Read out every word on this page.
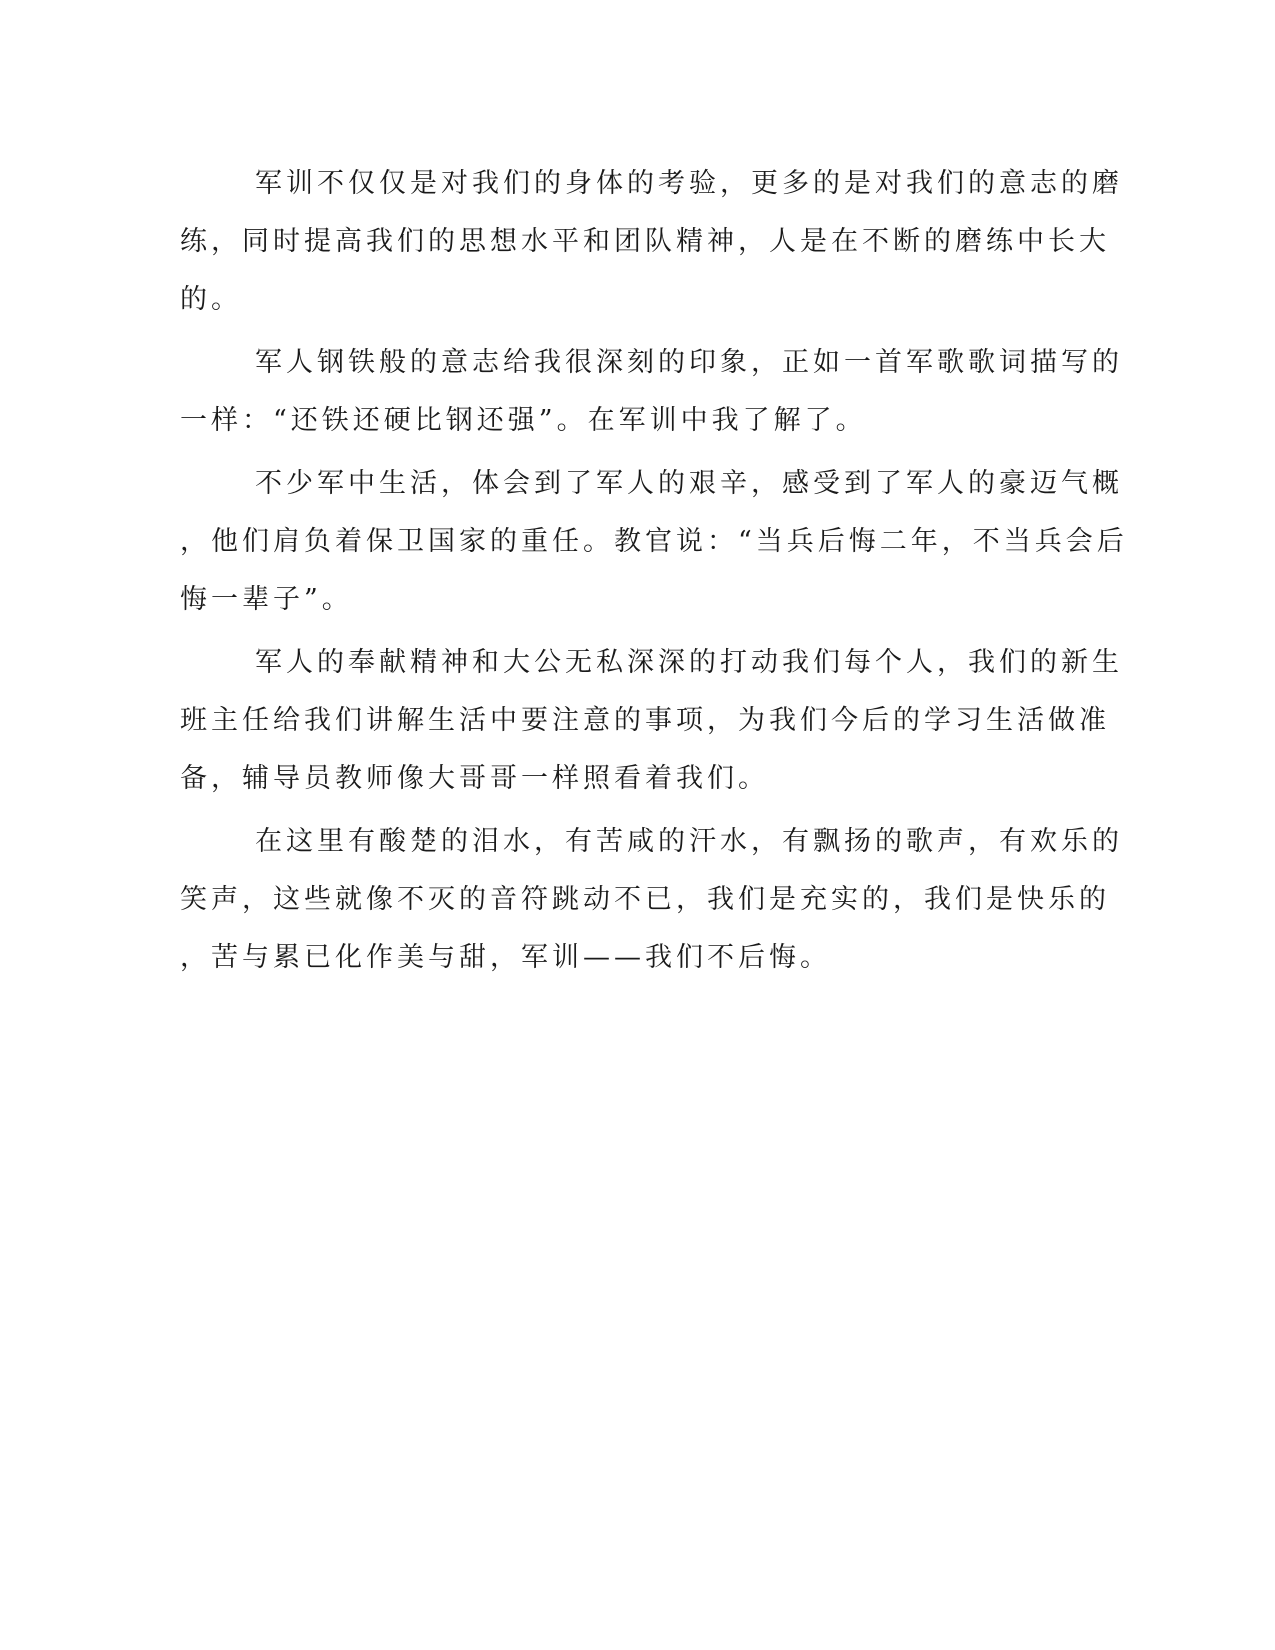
军训不仅仅是对我们的身体的考验，更多的是对我们的意志的磨
练，同时提高我们的思想水平和团队精神，人是在不断的磨练中长大
的。
军人钢铁般的意志给我很深刻的印象，正如一首军歌歌词描写的
一样：“还铁还硬比钢还强”。在军训中我了解了。
不少军中生活，体会到了军人的艰辛，感受到了军人的豪迈气概
，他们肩负着保卫国家的重任。教官说：“当兵后悔二年，不当兵会后
悔一辈子”。
军人的奉献精神和大公无私深深的打动我们每个人，我们的新生
班主任给我们讲解生活中要注意的事项，为我们今后的学习生活做准
备，辅导员教师像大哥哥一样照看着我们。
在这里有酸楚的泪水，有苦咸的汗水，有飘扬的歌声，有欢乐的
笑声，这些就像不灭的音符跳动不已，我们是充实的，我们是快乐的
，苦与累已化作美与甜，军训——我们不后悔。
